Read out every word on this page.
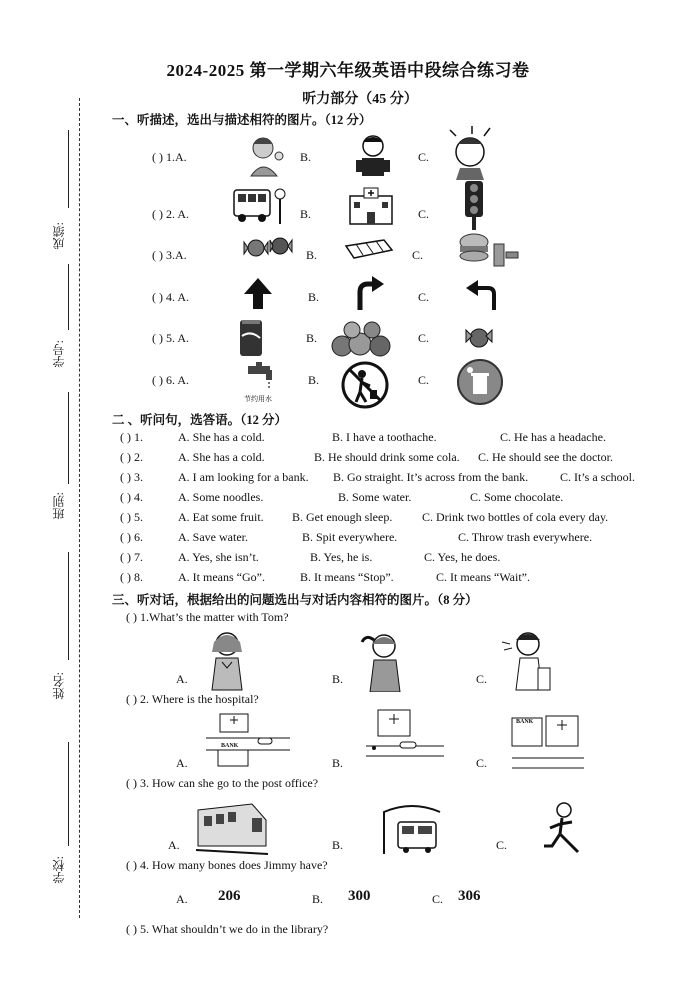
2024-2025 第一学期六年级英语中段综合练习卷
听力部分（45 分）
成绩:
学号:
班别:
姓名:
学校:
一、听描述，选出与描述相符的图片。（12 分）
( ) 1.A.	B.	C.
( ) 2. A.	B.	C.
( ) 3.A.	B.	C.
( ) 4. A.	B.	C.
( ) 5. A.	B.	C.
( ) 6. A.
节约用水
B.	C.
二 、听问句，选答语。（12 分）
( ) 1.	A. She has a cold.	B. I have a toothache.	C. He has a headache.
( ) 2.	A. She has a cold.	B. He should drink some cola. C. He should see the doctor.
( ) 3.	A. I am looking for a bank. B. Go straight. It’s across from the bank.	C. It’s a school.
( ) 4.	A. Some noodles.	B. Some water.	C. Some chocolate.
( ) 5.	A. Eat some fruit. B. Get enough sleep. C. Drink two bottles of cola every day.
( ) 6.	A. Save water.	B. Spit everywhere.	C. Throw trash everywhere.
( ) 7.	A. Yes, she isn’t.	B. Yes, he is.	C. Yes, he does.
( ) 8.	A. It means “Go”.	B. It means “Stop”.	C. It means “Wait”.
三、听对话，根据给出的问题选出与对话内容相符的图片。（8 分）
( ) 1.What’s the matter with Tom?
A.	B.	C.
( ) 2. Where is the hospital?
A.
BANK
B.	C.
BANK
( ) 3. How can she go to the post office?
A.	B.	C.
( ) 4. How many bones does Jimmy have?
A. 206	B. 300	C. 306
( ) 5. What shouldn’t we do in the library?
